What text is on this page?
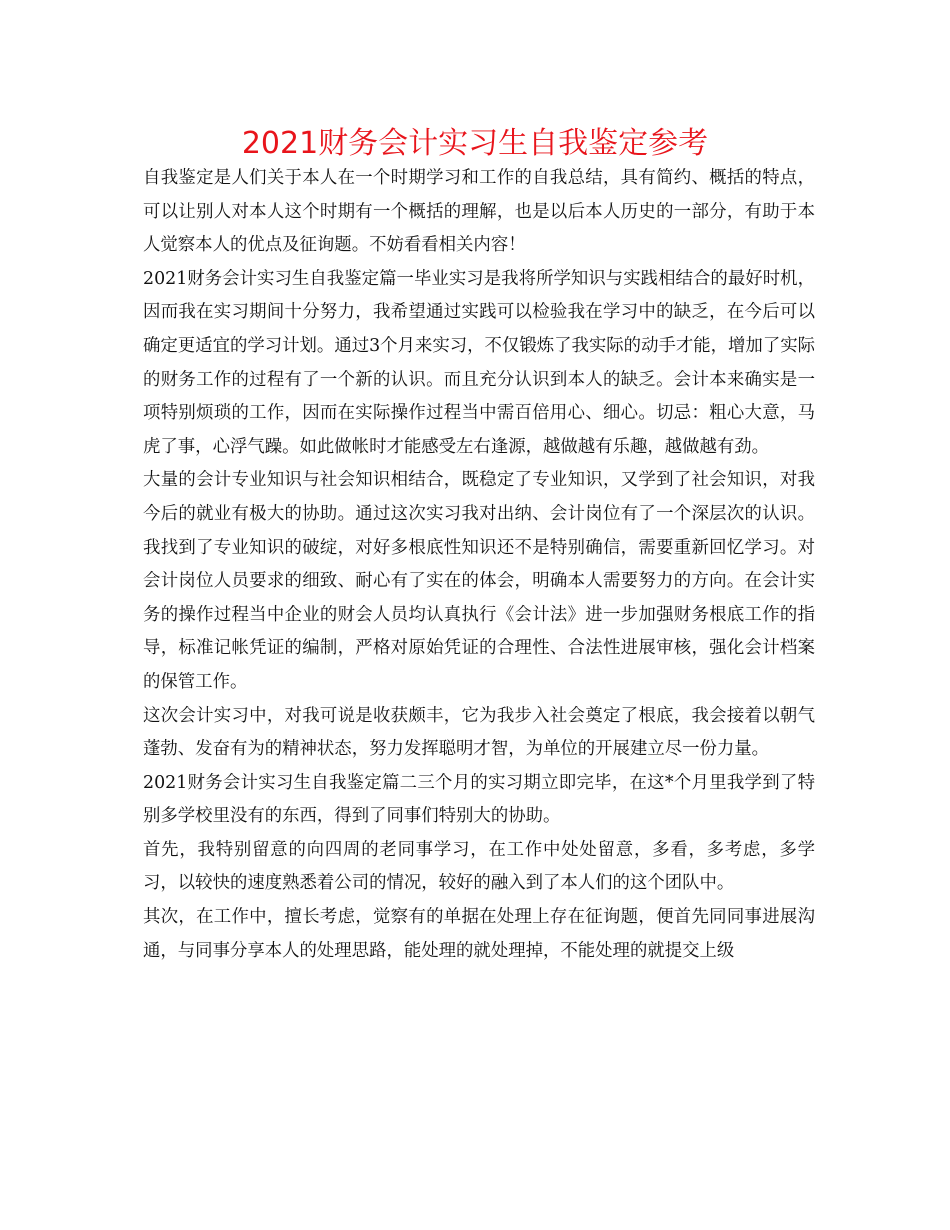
2021财务会计实习生自我鉴定参考

自我鉴定是人们关于本人在一个时期学习和工作的自我总结，具有简约、概括的特点，可以让别人对本人这个时期有一个概括的理解，也是以后本人历史的一部分，有助于本人觉察本人的优点及征询题。不妨看看相关内容！

2021财务会计实习生自我鉴定篇一毕业实习是我将所学知识与实践相结合的最好时机，因而我在实习期间十分努力，我希望通过实践可以检验我在学习中的缺乏，在今后可以确定更适宜的学习计划。通过3个月来实习，不仅锻炼了我实际的动手才能，增加了实际的财务工作的过程有了一个新的认识。而且充分认识到本人的缺乏。会计本来确实是一项特别烦琐的工作，因而在实际操作过程当中需百倍用心、细心。切忌：粗心大意，马虎了事，心浮气躁。如此做帐时才能感受左右逢源，越做越有乐趣，越做越有劲。

大量的会计专业知识与社会知识相结合，既稳定了专业知识，又学到了社会知识，对我今后的就业有极大的协助。通过这次实习我对出纳、会计岗位有了一个深层次的认识。我找到了专业知识的破绽，对好多根底性知识还不是特别确信，需要重新回忆学习。对会计岗位人员要求的细致、耐心有了实在的体会，明确本人需要努力的方向。在会计实务的操作过程当中企业的财会人员均认真执行《会计法》进一步加强财务根底工作的指导，标准记帐凭证的编制，严格对原始凭证的合理性、合法性进展审核，强化会计档案的保管工作。

这次会计实习中，对我可说是收获颇丰，它为我步入社会奠定了根底，我会接着以朝气蓬勃、发奋有为的精神状态，努力发挥聪明才智，为单位的开展建立尽一份力量。

2021财务会计实习生自我鉴定篇二三个月的实习期立即完毕，在这*个月里我学到了特别多学校里没有的东西，得到了同事们特别大的协助。

首先，我特别留意的向四周的老同事学习，在工作中处处留意，多看，多考虑，多学习，以较快的速度熟悉着公司的情况，较好的融入到了本人们的这个团队中。

其次，在工作中，擅长考虑，觉察有的单据在处理上存在征询题，便首先同同事进展沟通，与同事分享本人的处理思路，能处理的就处理掉，不能处理的就提交上级
